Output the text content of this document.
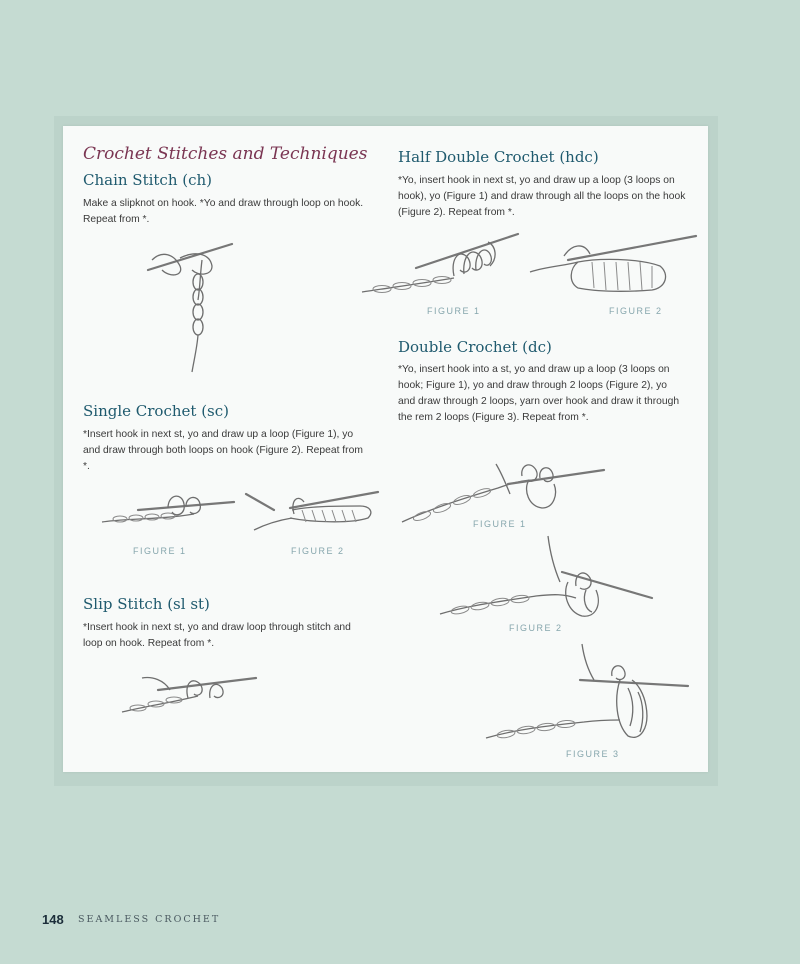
Crochet Stitches and Techniques
Chain Stitch (ch)

Make a slipknot on hook. *Yo and draw through loop on hook. Repeat from *.

Single Crochet (sc)

*Insert hook in next st, yo and draw up a loop (Figure 1), yo and draw through both loops on hook (Figure 2). Repeat from *.

FIGURE 1	FIGURE 2
Slip Stitch (sl st)

*Insert hook in next st, yo and draw loop through stitch and loop on hook. Repeat from *.

Half Double Crochet (hdc)

*Yo, insert hook in next st, yo and draw up a loop (3 loops on hook), yo (Figure 1) and draw through all the loops on the hook (Figure 2). Repeat from *.

FIGURE 1	FIGURE 2
Double Crochet (dc)

*Yo, insert hook into a st, yo and draw up a loop (3 loops on hook; Figure 1), yo and draw through 2 loops (Figure 2), yo and draw through 2 loops, yarn over hook and draw it through the rem 2 loops (Figure 3). Repeat from *.

FIGURE 1
FIGURE 2
FIGURE 3
148 SEAMLESS CROCHET
